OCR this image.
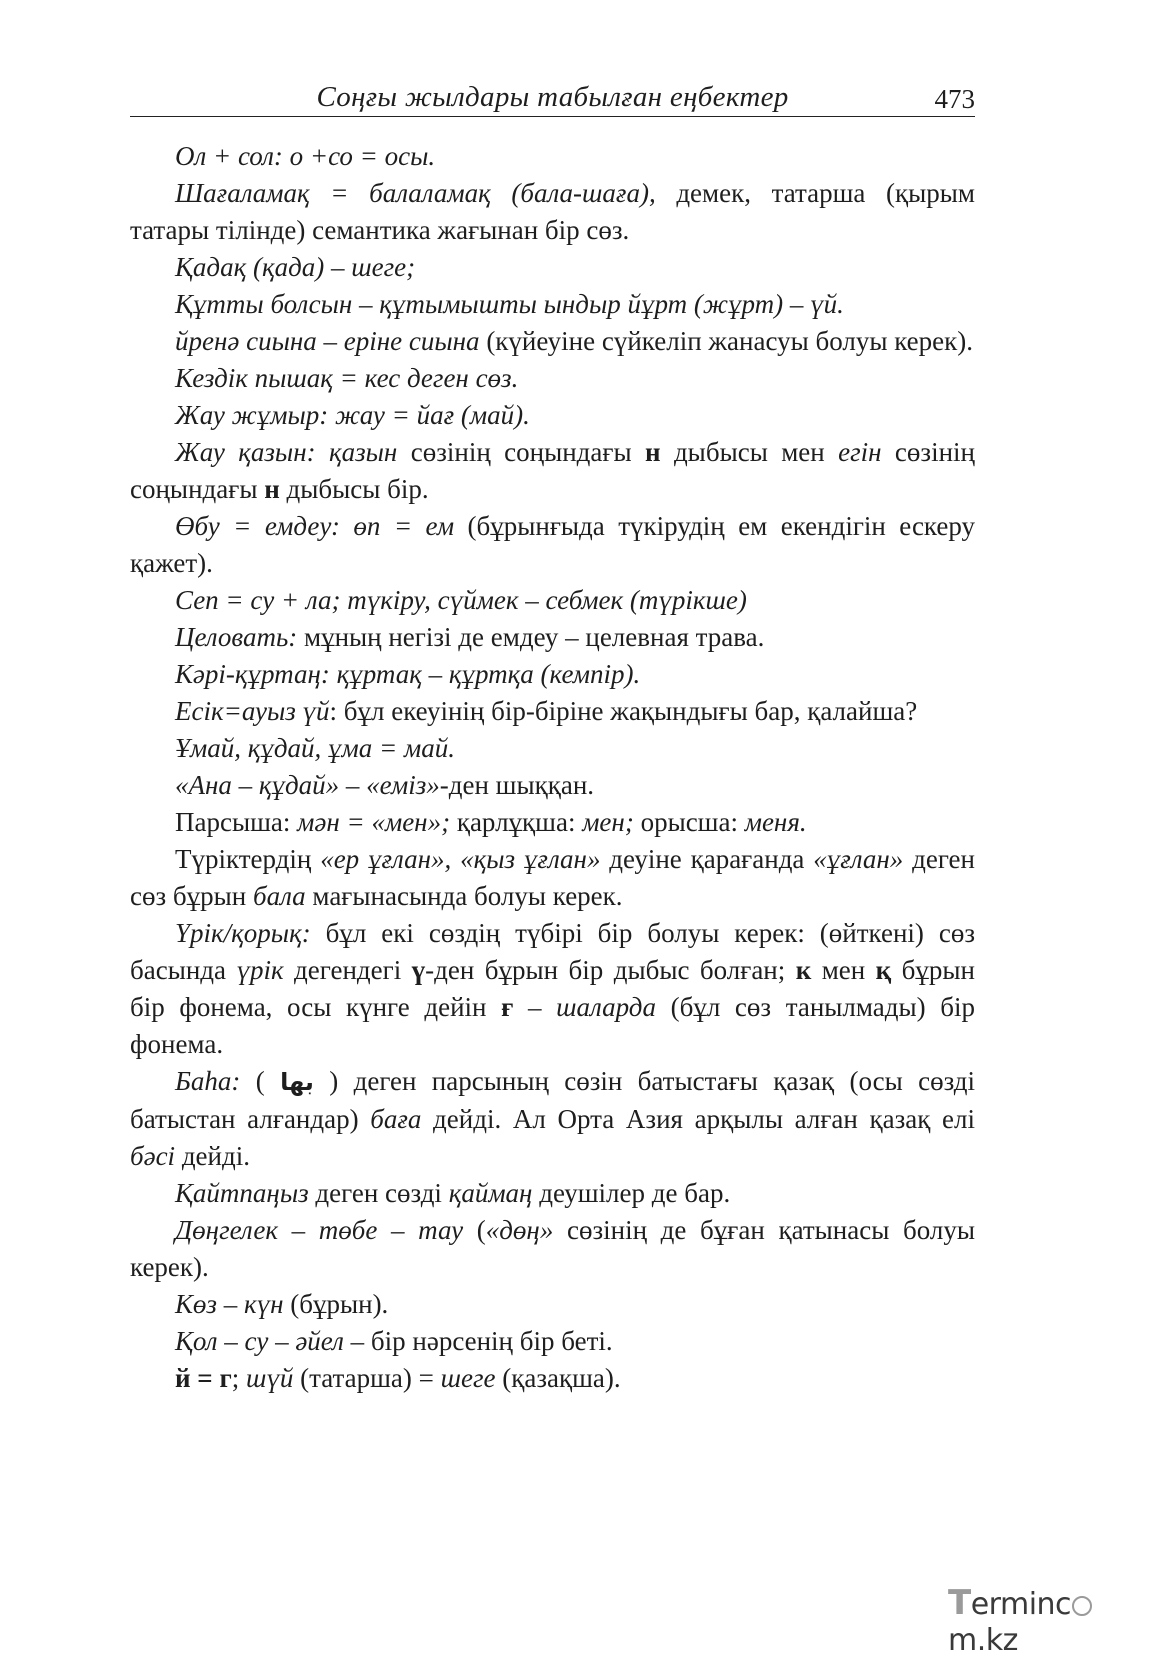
Соңғы жылдары табылған еңбектер	473

Ол + сол: о +со = осы.

Шағаламақ = балаламақ (бала-шаға), демек, татарша (қырым татары тілінде) семантика жағынан бір сөз.

Қадақ (қада) – шеге;

Құтты болсын – құтымышты ындыр йұрт (жұрт) – үй.

йренə сиына – еріне сиына (күйеуіне сүйкеліп жанасуы болуы керек).

Кездік пышақ = кес деген сөз.

Жау жұмыр: жау = йағ (май).

Жау қазын: қазын сөзінің соңындағы н дыбысы мен егін сөзінің соңындағы н дыбысы бір.

Өбу = емдеу: өп = ем (бұрынғыда түкірудің ем екендігін ескеру қажет).

Сеп = су + ла; түкіру, сүймек – себмек (түрікше)

Целовать: мұның негізі де емдеу – целевная трава.

Кəрі-құртаң: құртақ – құртқа (кемпір).

Есік=ауыз үй: бұл екеуінің бір-біріне жақындығы бар, қалайша?

Ұмай, құдай, ұма = май.

«Ана – құдай» – «еміз»-ден шыққан.

Парсыша: мəн = «мен»; қарлұқша: мен; орысша: меня.

Түріктердің «ер ұғлан», «қыз ұғлан» деуіне қарағанда «ұғлан» деген сөз бұрын бала мағынасында болуы керек.

Үрік/қорық: бұл екі сөздің түбірі бір болуы керек: (өйткені) сөз басында үрік дегендегі ү-ден бұрын бір дыбыс болған; к мен қ бұрын бір фонема, осы күнге дейін ғ – шаларда (бұл сөз танылмады) бір фонема.

Баһа: ( بها ) деген парсының сөзін батыстағы қазақ (осы сөзді батыстан алғандар) баға дейді. Ал Орта Азия арқылы алған қазақ елі бəсі дейді.

Қайтпаңыз деген сөзді қаймаң деушілер де бар.

Дөңгелек – төбе – тау («дөң» сөзінің де бұған қатынасы болуы керек).

Көз – күн (бұрын).

Қол – су – əйел – бір нəрсенің бір беті.

й = г; шүй (татарша) = шеге (қазақша).

Termincm.kz
